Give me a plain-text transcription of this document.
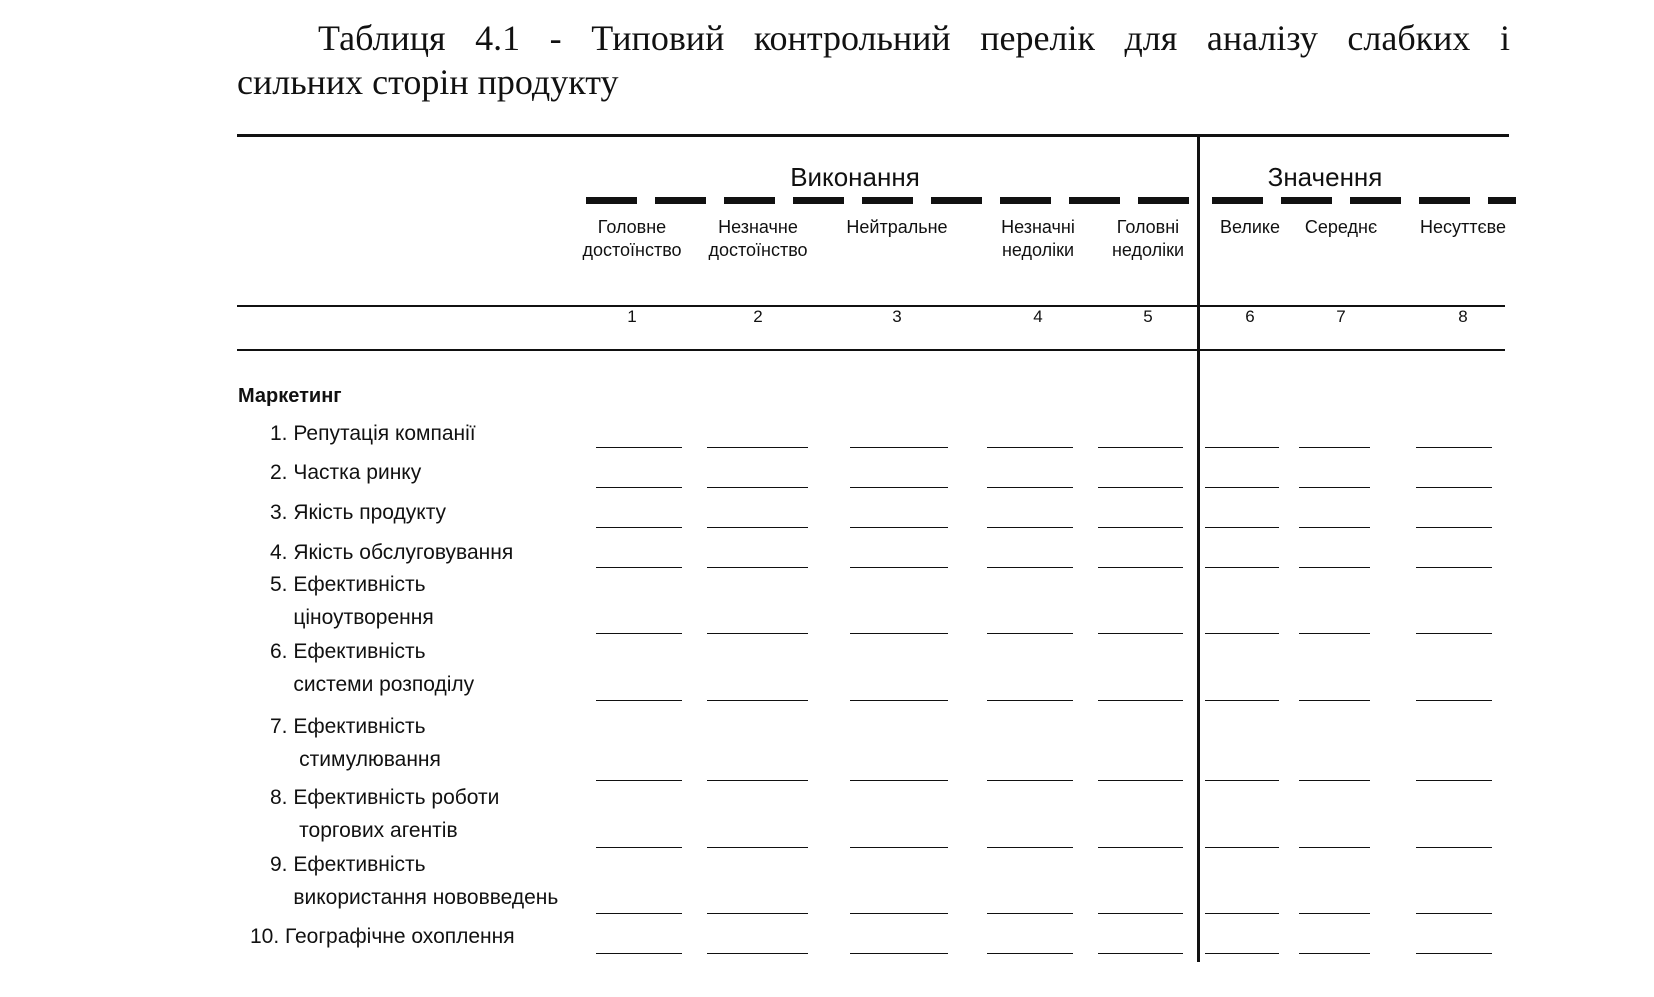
Таблиця 4.1 - Типовий контрольний перелік для аналізу слабких і
сильних сторін продукту
Виконання	Значення
Головне
достоїнство
1
Незначне
достоїнство
2
Нейтральне
3
Незначні
недоліки
4
Головні
недоліки
5
Велике
6
Середнє
7
Несуттєве
8
Маркетинг
1. Репутація компанії
2. Частка ринку
3. Якість продукту
4. Якість обслуговування
5. Ефективність
ціноутворення
6. Ефективність
системи розподілу
7. Ефективність
стимулювання
8. Ефективність роботи
торгових агентів
9. Ефективність
використання нововведень
10. Географічне охоплення
